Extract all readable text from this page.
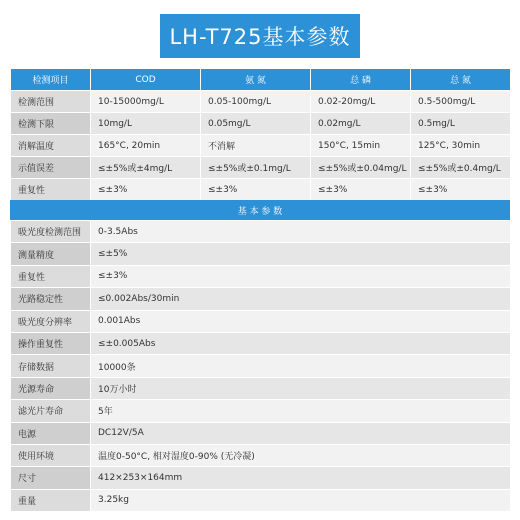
LH-T725基本参数
检测项目	COD	氨 氮	总 磷	总 氮
检测范围	10-15000mg/L	0.05-100mg/L	0.02-20mg/L	0.5-500mg/L
检测下限	10mg/L	0.05mg/L	0.02mg/L	0.5mg/L
消解温度	165°C, 20min	不消解	150°C, 15min	125°C, 30min
示值误差	≤±5%或±4mg/L	≤±5%或±0.1mg/L	≤±5%或±0.04mg/L	≤±5%或±0.4mg/L
重复性	≤±3%	≤±3%	≤±3%	≤±3%
基 本 参 数
吸光度检测范围	0-3.5Abs
测量精度	≤±5%
重复性	≤±3%
光路稳定性	≤0.002Abs/30min
吸光度分辨率	0.001Abs
操作重复性	≤±0.005Abs
存储数据	10000条
光源寿命	10万小时
滤光片寿命	5年
电源	DC12V/5A
使用环境	温度0-50°C, 相对湿度0-90% (无冷凝)
尺寸	412×253×164mm
重量	3.25kg
